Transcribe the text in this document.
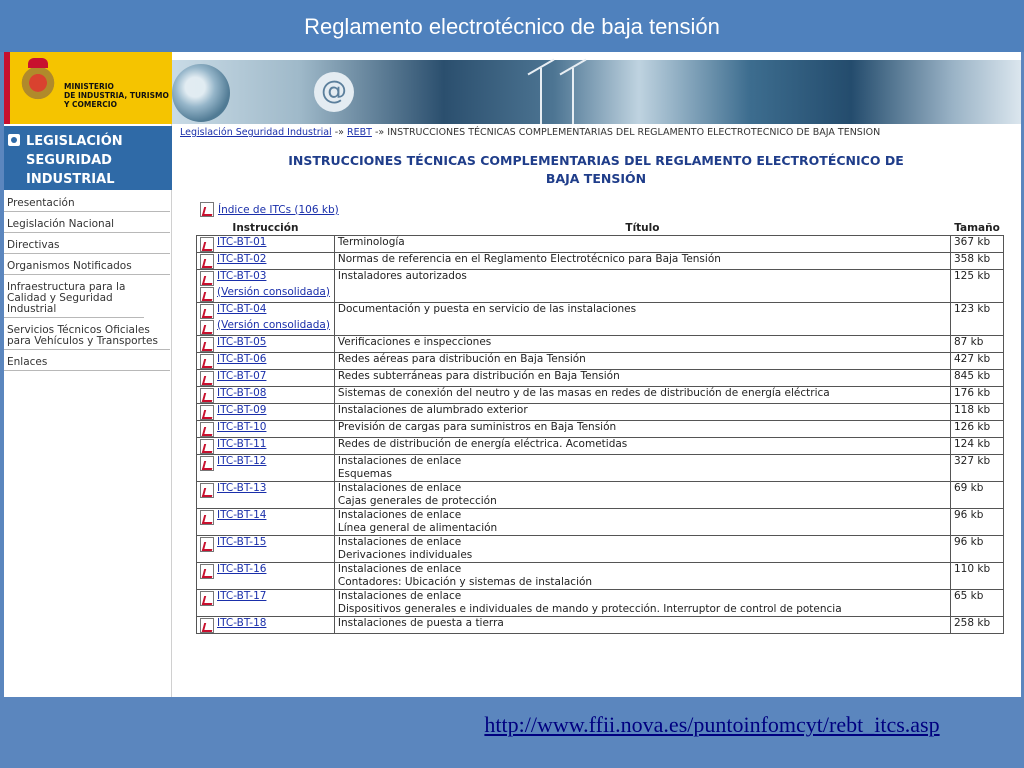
Reglamento electrotécnico de baja tensión
MINISTERIO
DE INDUSTRIA, TURISMO
Y COMERCIO	@
LEGISLACIÓN
SEGURIDAD
INDUSTRIAL
Presentación
Legislación Nacional
Directivas
Organismos Notificados
Infraestructura para la Calidad y Seguridad Industrial
Servicios Técnicos Oficiales para Vehículos y Transportes
Enlaces
Legislación Seguridad Industrial -» REBT -» INSTRUCCIONES TÉCNICAS COMPLEMENTARIAS DEL REGLAMENTO ELECTROTECNICO DE BAJA TENSION
INSTRUCCIONES TÉCNICAS COMPLEMENTARIAS DEL REGLAMENTO ELECTROTÉCNICO DE
BAJA TENSIÓN
Índice de ITCs (106 kb)
Instrucción	Título	Tamaño

ITC-BT-01	Terminología	367 kb

ITC-BT-02	Normas de referencia en el Reglamento Electrotécnico para Baja Tensión	358 kb

ITC-BT-03
(Versión consolidada)	Instaladores autorizados	125 kb

ITC-BT-04
(Versión consolidada)	Documentación y puesta en servicio de las instalaciones	123 kb

ITC-BT-05	Verificaciones e inspecciones	87 kb

ITC-BT-06	Redes aéreas para distribución en Baja Tensión	427 kb

ITC-BT-07	Redes subterráneas para distribución en Baja Tensión	845 kb

ITC-BT-08	Sistemas de conexión del neutro y de las masas en redes de distribución de energía eléctrica	176 kb

ITC-BT-09	Instalaciones de alumbrado exterior	118 kb

ITC-BT-10	Previsión de cargas para suministros en Baja Tensión	126 kb

ITC-BT-11	Redes de distribución de energía eléctrica. Acometidas	124 kb

ITC-BT-12	Instalaciones de enlace
Esquemas	327 kb

ITC-BT-13	Instalaciones de enlace
Cajas generales de protección	69 kb

ITC-BT-14	Instalaciones de enlace
Línea general de alimentación	96 kb

ITC-BT-15	Instalaciones de enlace
Derivaciones individuales	96 kb

ITC-BT-16	Instalaciones de enlace
Contadores: Ubicación y sistemas de instalación	110 kb

ITC-BT-17	Instalaciones de enlace
Dispositivos generales e individuales de mando y protección. Interruptor de control de potencia	65 kb

ITC-BT-18	Instalaciones de puesta a tierra	258 kb
http://www.ffii.nova.es/puntoinfomcyt/rebt_itcs.asp
